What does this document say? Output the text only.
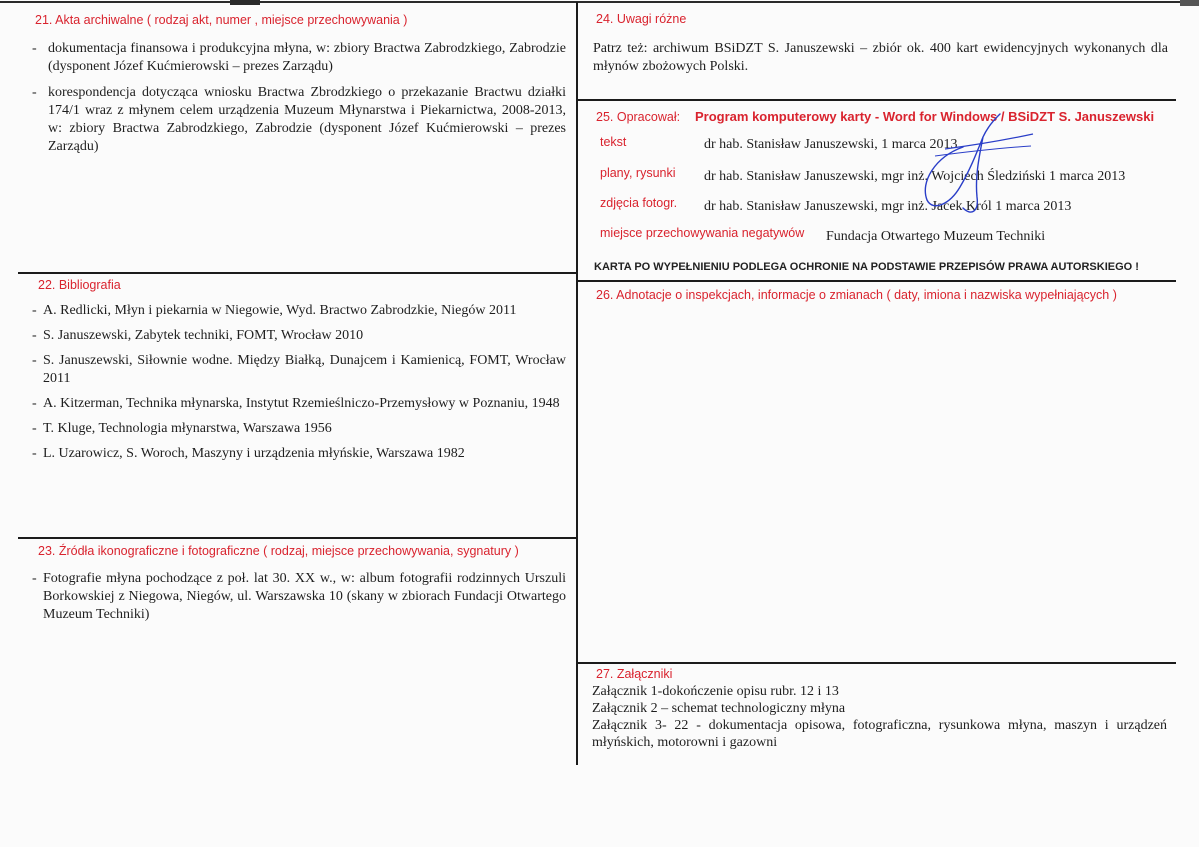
21. Akta archiwalne ( rodzaj akt, numer , miejsce przechowywania )
- dokumentacja finansowa i produkcyjna młyna, w: zbiory Bractwa Zabrodzkiego, Zabrodzie (dysponent Józef Kućmierowski – prezes Zarządu)
- korespondencja dotycząca wniosku Bractwa Zbrodzkiego o przekazanie Bractwu działki 174/1 wraz z młynem celem urządzenia Muzeum Młynarstwa i Piekarnictwa, 2008-2013, w: zbiory Bractwa Zabrodzkiego, Zabrodzie (dysponent Józef Kućmierowski – prezes Zarządu)
22. Bibliografia
- A. Redlicki, Młyn i piekarnia w Niegowie, Wyd. Bractwo Zabrodzkie, Niegów 2011
- S. Januszewski, Zabytek techniki, FOMT, Wrocław 2010
- S. Januszewski, Siłownie wodne. Między Białką, Dunajcem i Kamienicą, FOMT, Wrocław 2011
- A. Kitzerman, Technika młynarska, Instytut Rzemieślniczo-Przemysłowy w Poznaniu, 1948
- T. Kluge, Technologia młynarstwa, Warszawa 1956
- L. Uzarowicz, S. Woroch, Maszyny i urządzenia młyńskie, Warszawa 1982
23. Źródła ikonograficzne i fotograficzne ( rodzaj, miejsce przechowywania, sygnatury )
- Fotografie młyna pochodzące z poł. lat 30. XX w., w: album fotografii rodzinnych Urszuli Borkowskiej z Niegowa, Niegów, ul. Warszawska 10 (skany w zbiorach Fundacji Otwartego Muzeum Techniki)
24. Uwagi różne
Patrz też: archiwum BSiDZT S. Januszewski – zbiór ok. 400 kart ewidencyjnych wykonanych dla młynów zbożowych Polski.
25. Opracował: Program komputerowy karty - Word for Windows / BSiDZT S. Januszewski
tekst	dr hab. Stanisław Januszewski, 1 marca 2013
plany, rysunki dr hab. Stanisław Januszewski, mgr inż. Wojciech Śledziński 1 marca 2013
zdjęcia fotogr. dr hab. Stanisław Januszewski, mgr inż. Jacek Król 1 marca 2013
miejsce przechowywania negatywów Fundacja Otwartego Muzeum Techniki
KARTA PO WYPEŁNIENIU PODLEGA OCHRONIE NA PODSTAWIE PRZEPISÓW PRAWA AUTORSKIEGO !
26. Adnotacje o inspekcjach, informacje o zmianach ( daty, imiona i nazwiska wypełniających )
27. Załączniki
Załącznik 1-dokończenie opisu rubr. 12 i 13
Załącznik 2 – schemat technologiczny młyna
Załącznik 3- 22 - dokumentacja opisowa, fotograficzna, rysunkowa młyna, maszyn i urządzeń młyńskich, motorowni i gazowni
